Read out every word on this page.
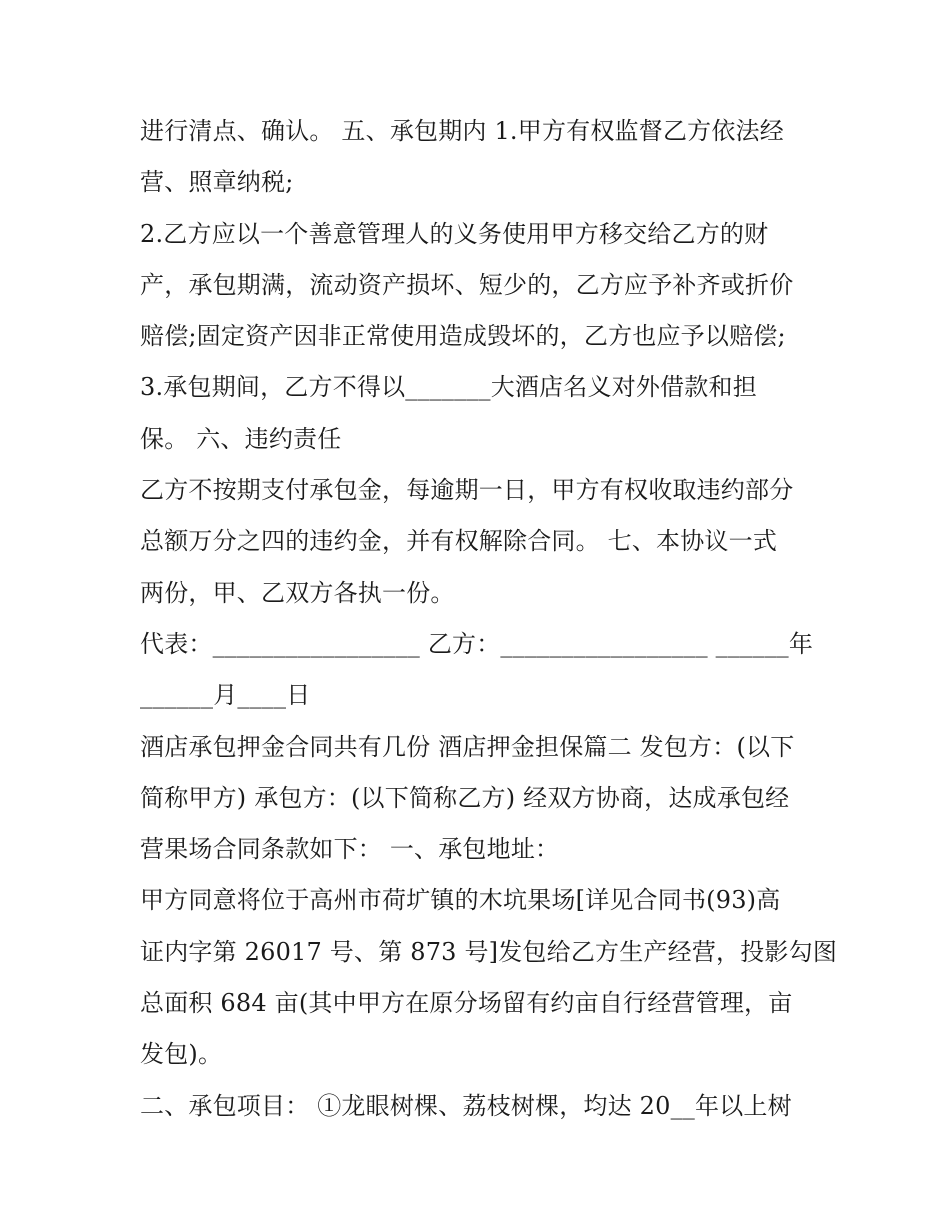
进行清点、确认。 五、承包期内 1.甲方有权监督乙方依法经
营、照章纳税;
2.乙方应以一个善意管理人的义务使用甲方移交给乙方的财
产，承包期满，流动资产损坏、短少的，乙方应予补齐或折价
赔偿;固定资产因非正常使用造成毁坏的，乙方也应予以赔偿;
3.承包期间，乙方不得以_______大酒店名义对外借款和担
保。 六、违约责任
乙方不按期支付承包金，每逾期一日，甲方有权收取违约部分
总额万分之四的违约金，并有权解除合同。 七、本协议一式
两份，甲、乙双方各执一份。
代表：_________________ 乙方：_________________ ______年
______月____日
酒店承包押金合同共有几份 酒店押金担保篇二 发包方：(以下
简称甲方) 承包方：(以下简称乙方) 经双方协商，达成承包经
营果场合同条款如下： 一、承包地址：
甲方同意将位于高州市荷圹镇的木坑果场[详见合同书(93)高
证内字第 26017 号、第 873 号]发包给乙方生产经营，投影勾图
总面积 684 亩(其中甲方在原分场留有约亩自行经营管理，亩
发包)。
二、承包项目： ①龙眼树棵、荔枝树棵，均达 20__年以上树
